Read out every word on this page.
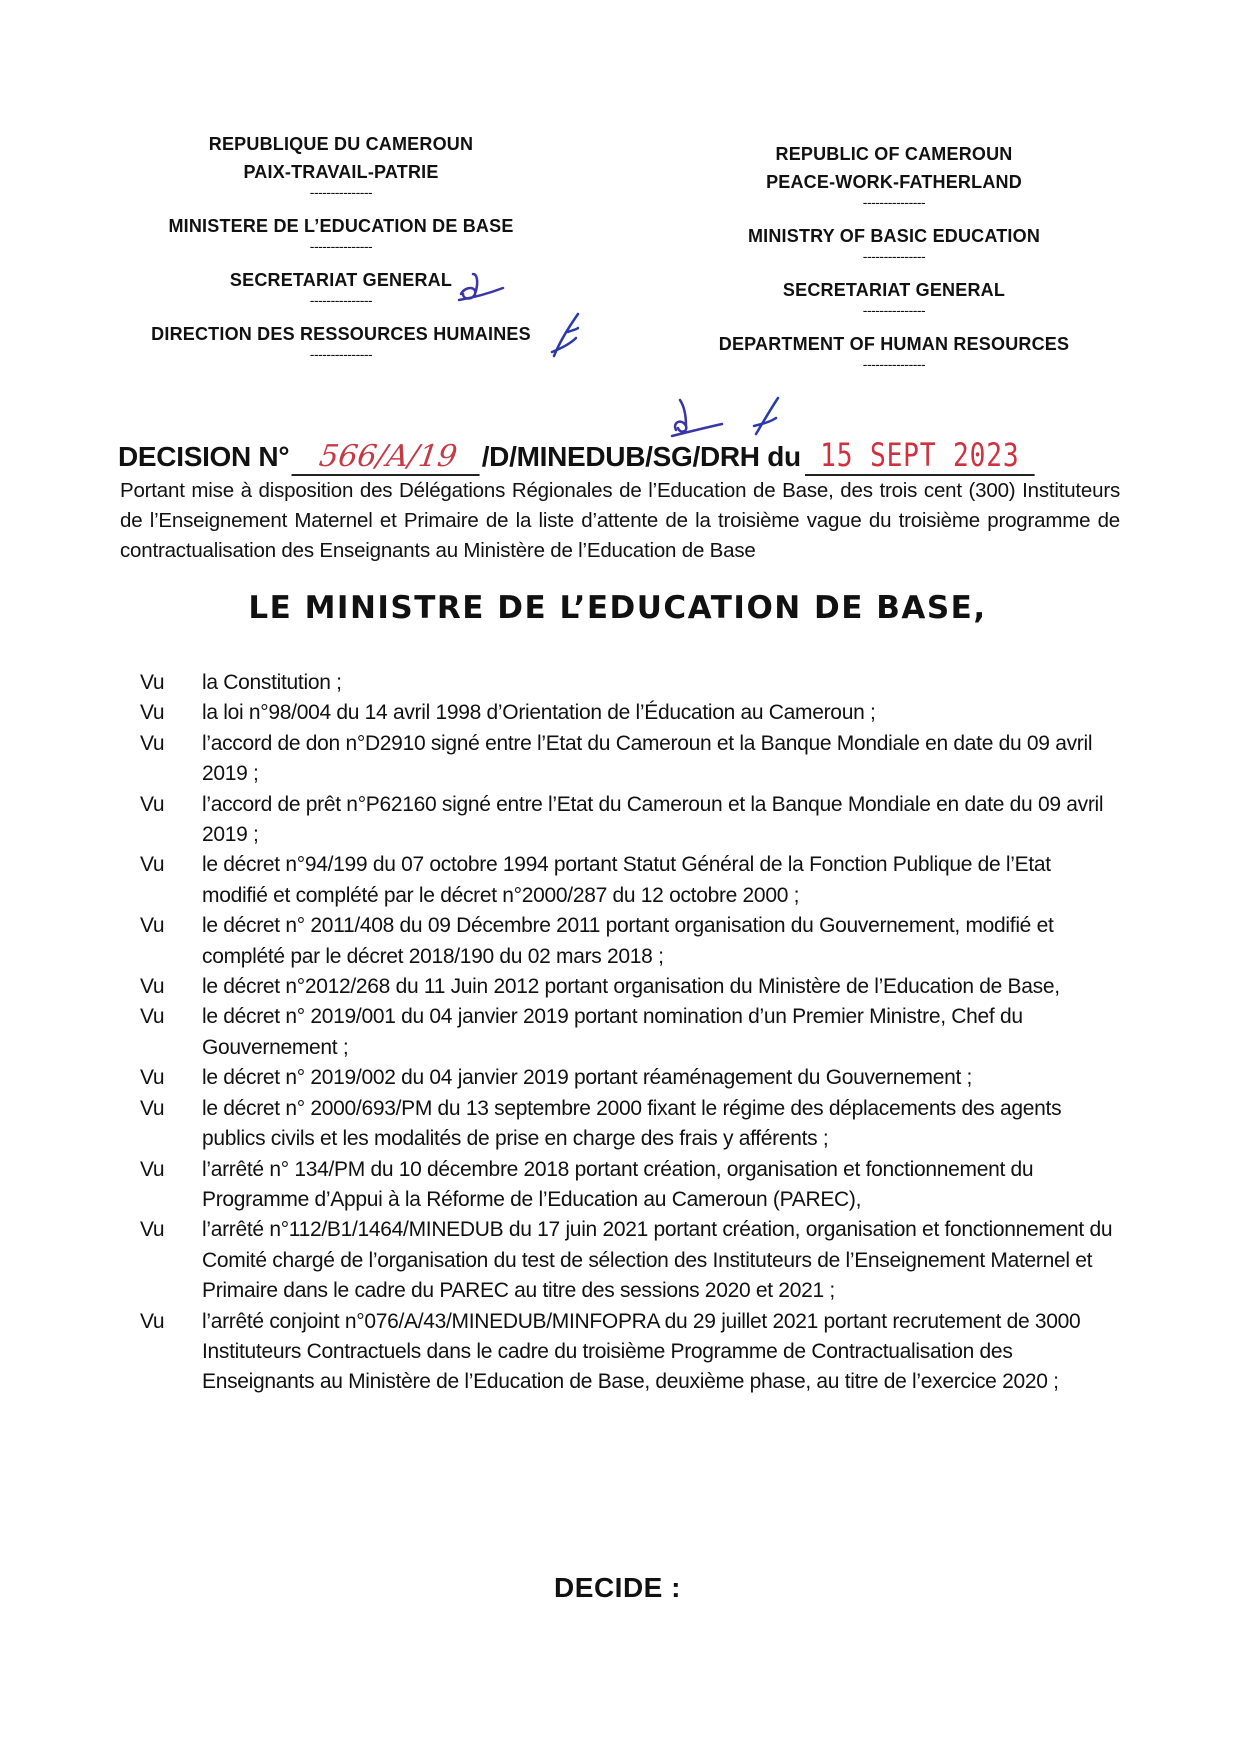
REPUBLIQUE DU CAMEROUN
PAIX-TRAVAIL-PATRIE
---------------
MINISTERE DE L’EDUCATION DE BASE
---------------
SECRETARIAT GENERAL
---------------
DIRECTION DES RESSOURCES HUMAINES
---------------
REPUBLIC OF CAMEROUN
PEACE-WORK-FATHERLAND
---------------
MINISTRY OF BASIC EDUCATION
---------------
SECRETARIAT GENERAL
---------------
DEPARTMENT OF HUMAN RESOURCES
---------------
DECISION N° 566/A/19 /D/MINEDUB/SG/DRH du 15 SEPT 2023
Portant mise à disposition des Délégations Régionales de l’Education de Base, des trois cent (300) Instituteurs de l’Enseignement Maternel et Primaire de la liste d’attente de la troisième vague du troisième programme de contractualisation des Enseignants au Ministère de l’Education de Base
LE MINISTRE DE L’EDUCATION DE BASE,
Vu	la Constitution ;
Vu	la loi n°98/004 du 14 avril 1998 d’Orientation de l’Éducation au Cameroun ;
Vu	l’accord de don n°D2910 signé entre l’Etat du Cameroun et la Banque Mondiale en date du 09 avril 2019 ;
Vu	l’accord de prêt n°P62160 signé entre l’Etat du Cameroun et la Banque Mondiale en date du 09 avril 2019 ;
Vu	le décret n°94/199 du 07 octobre 1994 portant Statut Général de la Fonction Publique de l’Etat modifié et complété par le décret n°2000/287 du 12 octobre 2000 ;
Vu	le décret n° 2011/408 du 09 Décembre 2011 portant organisation du Gouvernement, modifié et complété par le décret 2018/190 du 02 mars 2018 ;
Vu	le décret n°2012/268 du 11 Juin 2012 portant organisation du Ministère de l’Education de Base,
Vu	le décret n° 2019/001 du 04 janvier 2019 portant nomination d’un Premier Ministre, Chef du Gouvernement ;
Vu	le décret n° 2019/002 du 04 janvier 2019 portant réaménagement du Gouvernement ;
Vu	le décret n° 2000/693/PM du 13 septembre 2000 fixant le régime des déplacements des agents publics civils et les modalités de prise en charge des frais y afférents ;
Vu	l’arrêté n° 134/PM du 10 décembre 2018 portant création, organisation et fonctionnement du Programme d’Appui à la Réforme de l’Education au Cameroun (PAREC),
Vu	l’arrêté n°112/B1/1464/MINEDUB du 17 juin 2021 portant création, organisation et fonctionnement du Comité chargé de l’organisation du test de sélection des Instituteurs de l’Enseignement Maternel et Primaire dans le cadre du PAREC au titre des sessions 2020 et 2021 ;
Vu	l’arrêté conjoint n°076/A/43/MINEDUB/MINFOPRA du 29 juillet 2021 portant recrutement de 3000 Instituteurs Contractuels dans le cadre du troisième Programme de Contractualisation des Enseignants au Ministère de l’Education de Base, deuxième phase, au titre de l’exercice 2020 ;
DECIDE :
